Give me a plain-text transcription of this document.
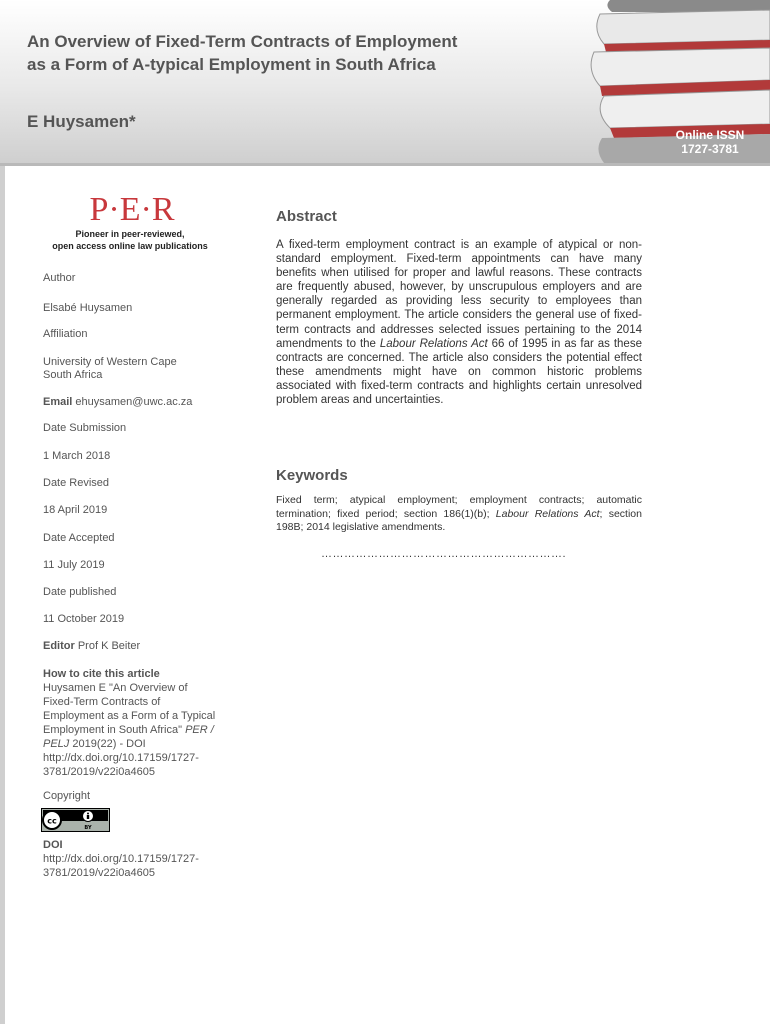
An Overview of Fixed-Term Contracts of Employment
as a Form of A-typical Employment in South Africa
E Huysamen*
Online ISSN
1727-3781
P·E·R
Pioneer in peer-reviewed,
open access online law publications
Author
Elsabé Huysamen
Affiliation
University of Western Cape
South Africa
Email ehuysamen@uwc.ac.za
Date Submission
1 March 2018
Date Revised
18 April 2019
Date Accepted
11 July 2019
Date published
11 October 2019
Editor Prof K Beiter
How to cite this article
Huysamen E "An Overview of
Fixed-Term Contracts of
Employment as a Form of a Typical
Employment in South Africa" PER /
PELJ 2019(22) - DOI
http://dx.doi.org/10.17159/1727-
3781/2019/v22i0a4605
Copyright
cc
BY
DOI
http://dx.doi.org/10.17159/1727-
3781/2019/v22i0a4605
Abstract
A fixed-term employment contract is an example of atypical or non-standard employment. Fixed-term appointments can have many benefits when utilised for proper and lawful reasons. These contracts are frequently abused, however, by unscrupulous employers and are generally regarded as providing less security to employees than permanent employment. The article considers the general use of fixed-term contracts and addresses selected issues pertaining to the 2014 amendments to the Labour Relations Act 66 of 1995 in as far as these contracts are concerned. The article also considers the potential effect these amendments might have on common historic problems associated with fixed-term contracts and highlights certain unresolved problem areas and uncertainties.
Keywords
Fixed term; atypical employment; employment contracts; automatic termination; fixed period; section 186(1)(b); Labour Relations Act; section 198B; 2014 legislative amendments.
……………………………………………………….
